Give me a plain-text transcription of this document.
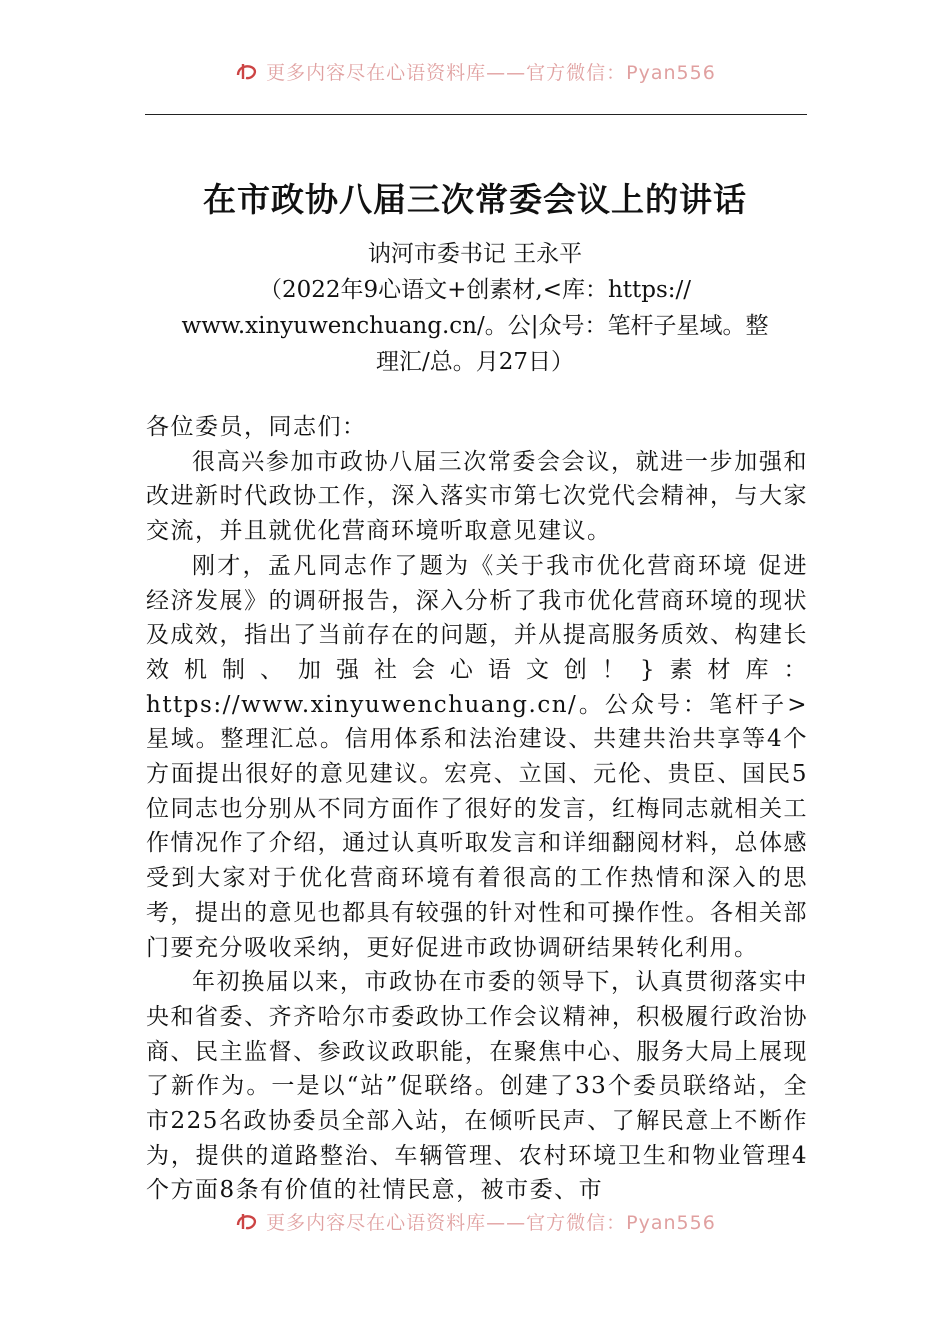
更多内容尽在心语资料库——官方微信：Pyan556
在市政协八届三次常委会议上的讲话

讷河市委书记 王永平

（2022年9心语文+创素材,<库：https://

www.xinyuwenchuang.cn/。公|众号：笔杆子星域。整

理汇/总。月27日）

各位委员，同志们：

很高兴参加市政协八届三次常委会会议，就进一步加强和改进新时代政协工作，深入落实市第七次党代会精神，与大家交流，并且就优化营商环境听取意见建议。

刚才，孟凡同志作了题为《关于我市优化营商环境 促进经济发展》的调研报告，深入分析了我市优化营商环境的现状及成效，指出了当前存在的问题，并从提高服务质效、构建长效机制、加强社会心语文创！}素材库：https://www.xinyuwenchuang.cn/。公众号：笔杆子>星域。整理汇总。信用体系和法治建设、共建共治共享等4个方面提出很好的意见建议。宏亮、立国、元伦、贵臣、国民5位同志也分别从不同方面作了很好的发言，红梅同志就相关工作情况作了介绍，通过认真听取发言和详细翻阅材料，总体感受到大家对于优化营商环境有着很高的工作热情和深入的思考，提出的意见也都具有较强的针对性和可操作性。各相关部门要充分吸收采纳，更好促进市政协调研结果转化利用。

年初换届以来，市政协在市委的领导下，认真贯彻落实中央和省委、齐齐哈尔市委政协工作会议精神，积极履行政治协商、民主监督、参政议政职能，在聚焦中心、服务大局上展现了新作为。一是以“站”促联络。创建了33个委员联络站，全市225名政协委员全部入站，在倾听民声、了解民意上不断作为，提供的道路整治、车辆管理、农村环境卫生和物业管理4个方面8条有价值的社情民意，被市委、市

更多内容尽在心语资料库——官方微信：Pyan556
